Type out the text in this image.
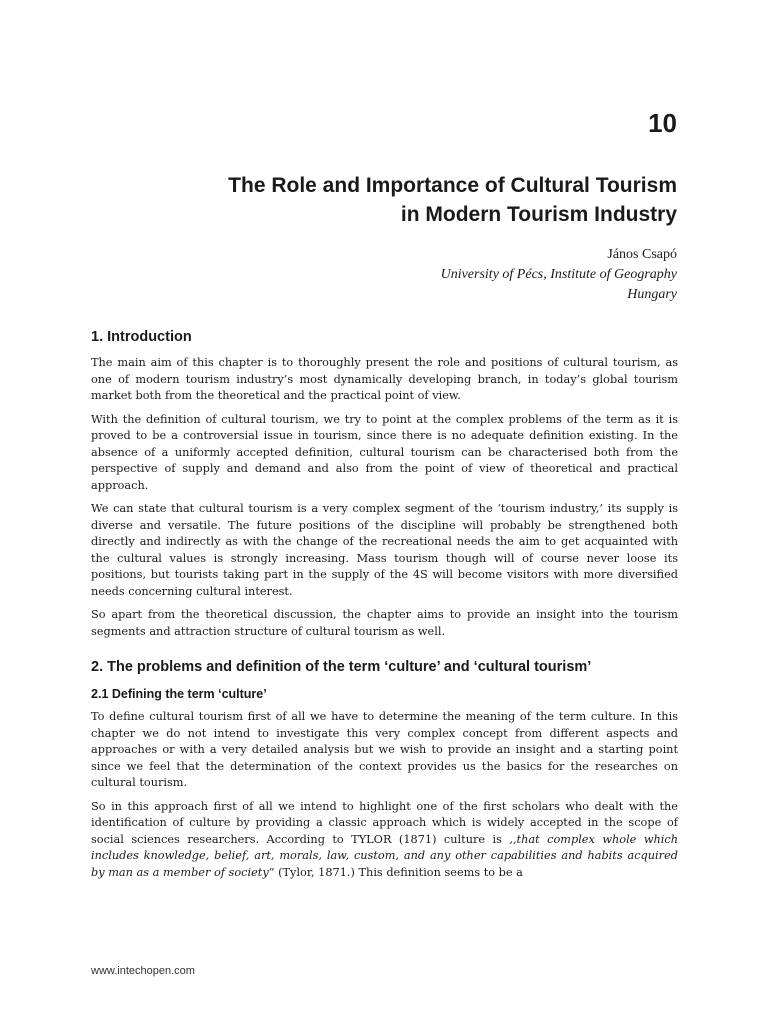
10
The Role and Importance of Cultural Tourism
in Modern Tourism Industry
János Csapó
University of Pécs, Institute of Geography
Hungary
1. Introduction

The main aim of this chapter is to thoroughly present the role and positions of cultural tourism, as one of modern tourism industry’s most dynamically developing branch, in today’s global tourism market both from the theoretical and the practical point of view.

With the definition of cultural tourism, we try to point at the complex problems of the term as it is proved to be a controversial issue in tourism, since there is no adequate definition existing. In the absence of a uniformly accepted definition, cultural tourism can be characterised both from the perspective of supply and demand and also from the point of view of theoretical and practical approach.

We can state that cultural tourism is a very complex segment of the ‘tourism industry,’ its supply is diverse and versatile. The future positions of the discipline will probably be strengthened both directly and indirectly as with the change of the recreational needs the aim to get acquainted with the cultural values is strongly increasing. Mass tourism though will of course never loose its positions, but tourists taking part in the supply of the 4S will become visitors with more diversified needs concerning cultural interest.

So apart from the theoretical discussion, the chapter aims to provide an insight into the tourism segments and attraction structure of cultural tourism as well.

2. The problems and definition of the term ‘culture’ and ‘cultural tourism’
2.1 Defining the term ‘culture’

To define cultural tourism first of all we have to determine the meaning of the term culture. In this chapter we do not intend to investigate this very complex concept from different aspects and approaches or with a very detailed analysis but we wish to provide an insight and a starting point since we feel that the determination of the context provides us the basics for the researches on cultural tourism.

So in this approach first of all we intend to highlight one of the first scholars who dealt with the identification of culture by providing a classic approach which is widely accepted in the scope of social sciences researchers. According to TYLOR (1871) culture is ,,that complex whole which includes knowledge, belief, art, morals, law, custom, and any other capabilities and habits acquired by man as a member of society” (Tylor, 1871.) This definition seems to be a

www.intechopen.com
